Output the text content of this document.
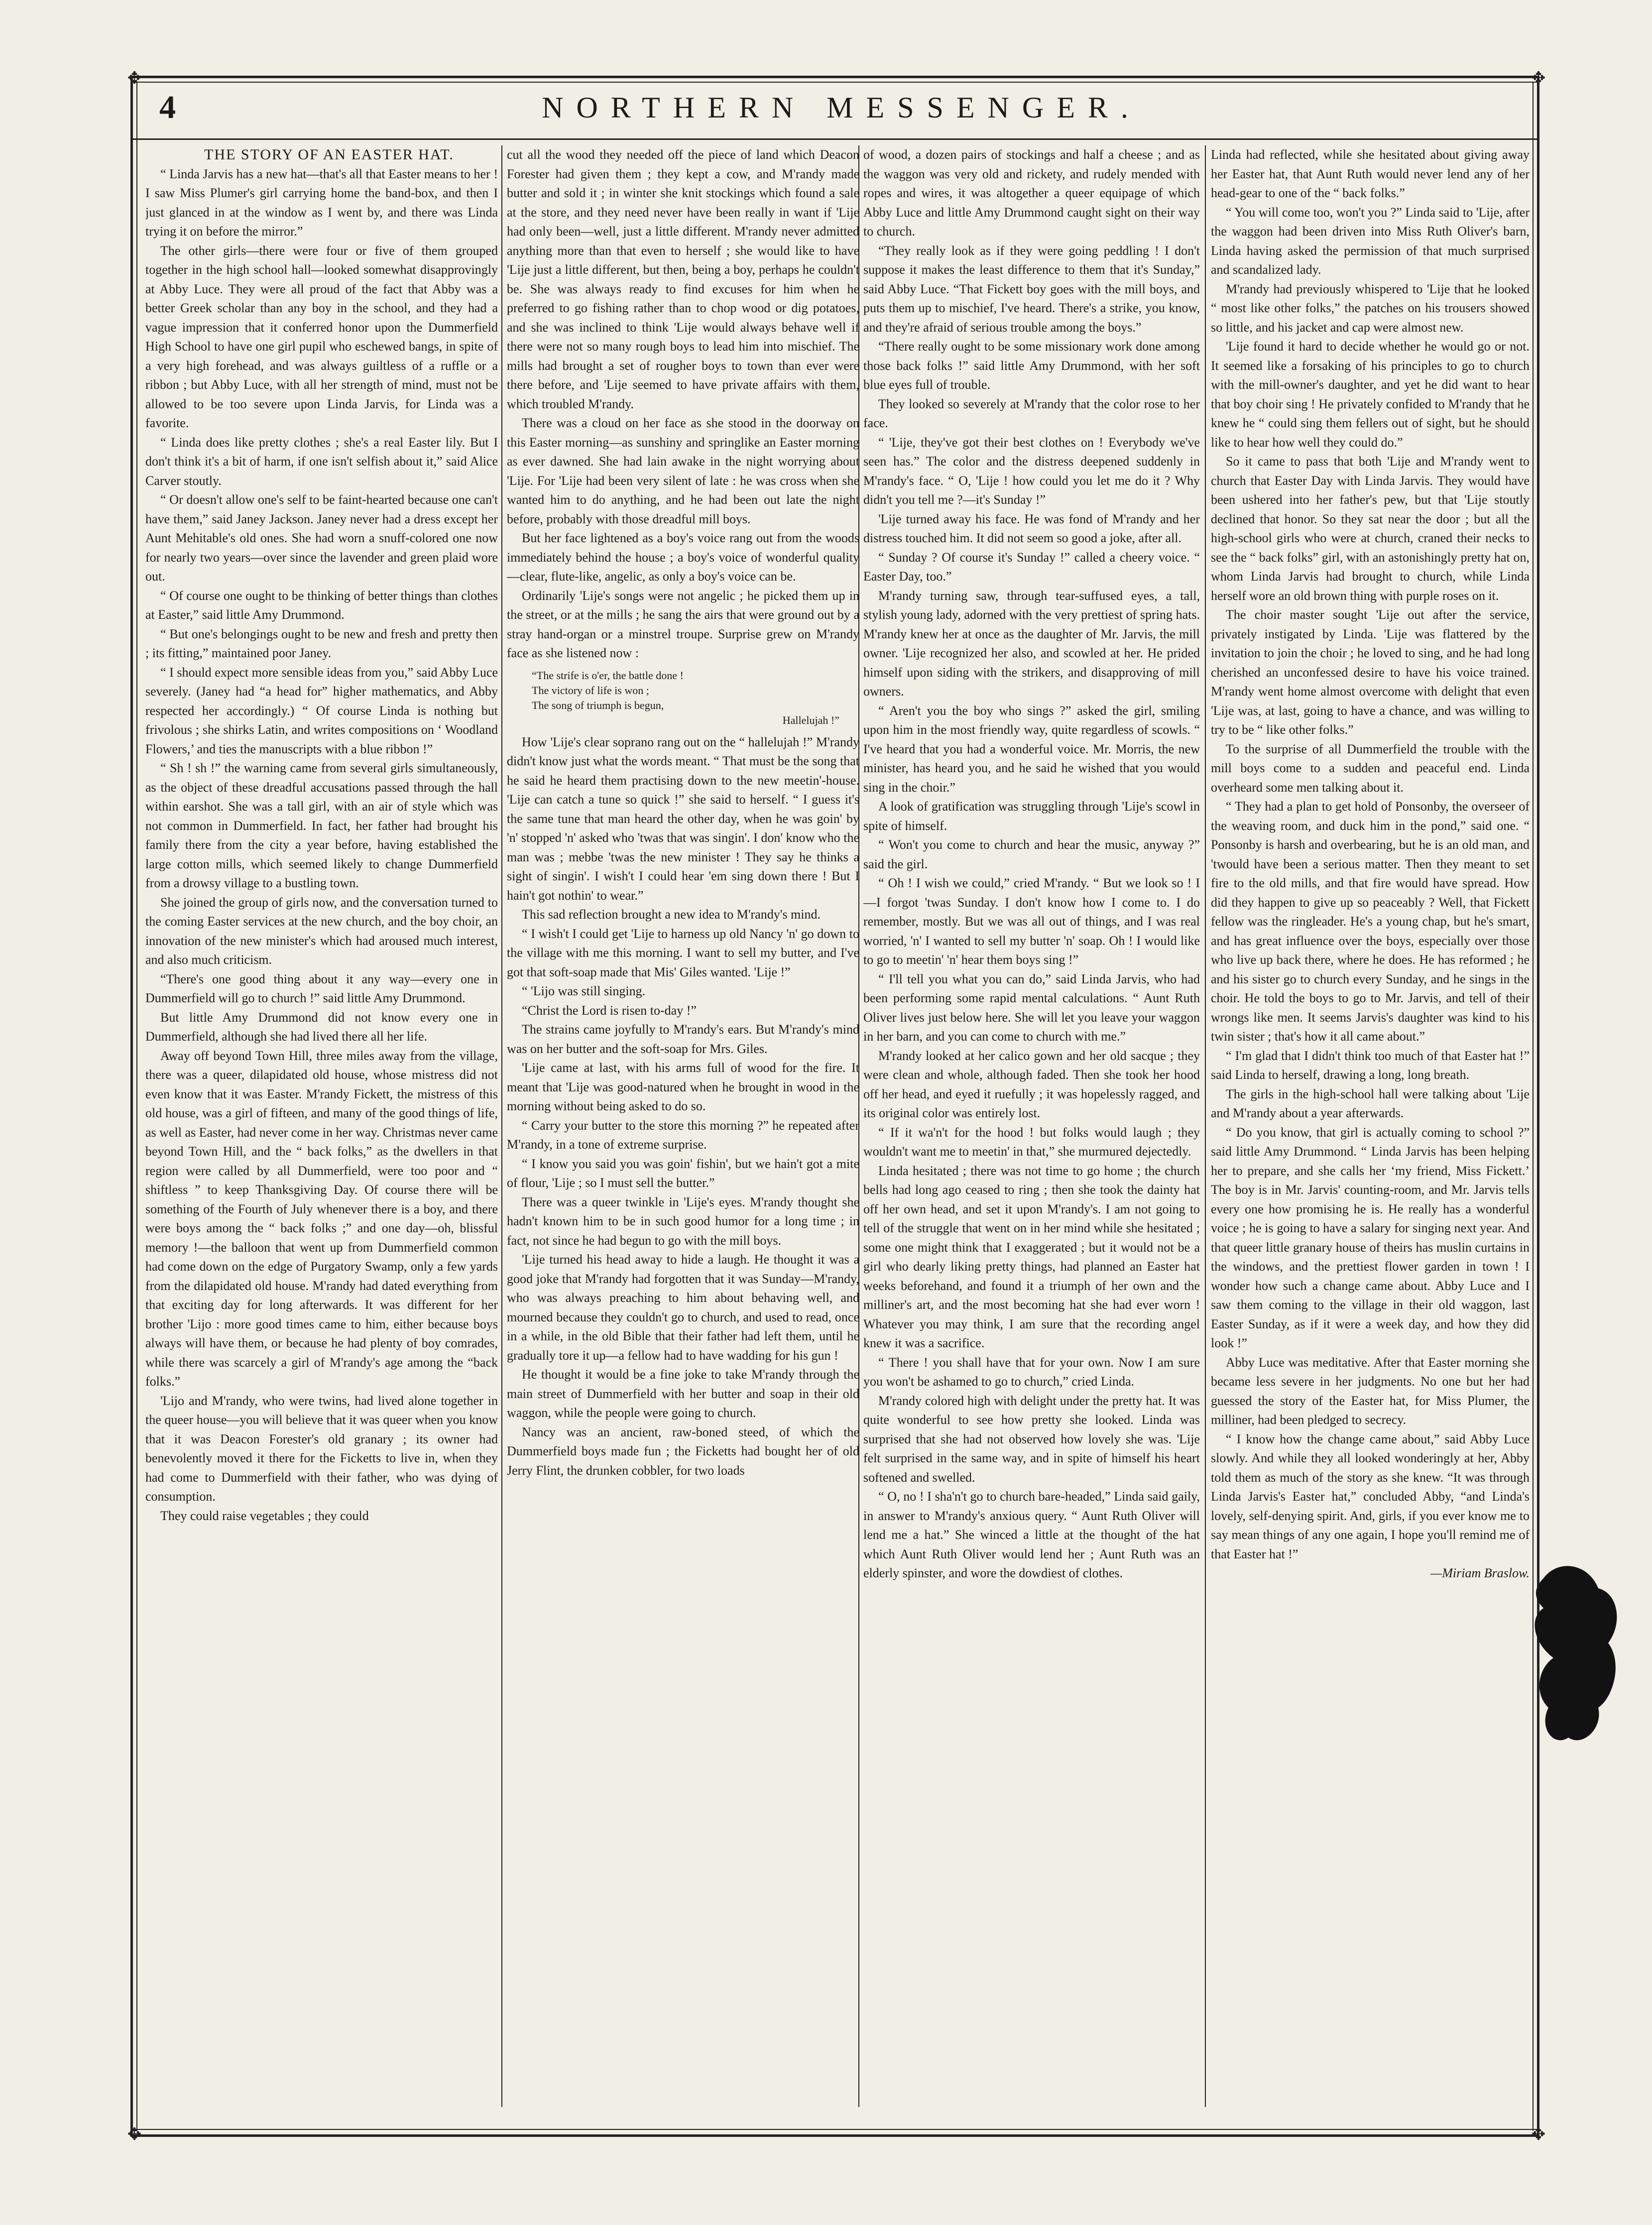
✥	✥
✥	✥
4	NORTHERN MESSENGER.

THE STORY OF AN EASTER HAT.

“ Linda Jarvis has a new hat—that's all that Easter means to her ! I saw Miss Plumer's girl carrying home the band-box, and then I just glanced in at the window as I went by, and there was Linda trying it on before the mirror.”

The other girls—there were four or five of them grouped together in the high school hall—looked somewhat disapprovingly at Abby Luce. They were all proud of the fact that Abby was a better Greek scholar than any boy in the school, and they had a vague impression that it conferred honor upon the Dummerfield High School to have one girl pupil who eschewed bangs, in spite of a very high forehead, and was always guiltless of a ruffle or a ribbon ; but Abby Luce, with all her strength of mind, must not be allowed to be too severe upon Linda Jarvis, for Linda was a favorite.

“ Linda does like pretty clothes ; she's a real Easter lily. But I don't think it's a bit of harm, if one isn't selfish about it,” said Alice Carver stoutly.

“ Or doesn't allow one's self to be faint-hearted because one can't have them,” said Janey Jackson. Janey never had a dress except her Aunt Mehitable's old ones. She had worn a snuff-colored one now for nearly two years—over since the lavender and green plaid wore out.

“ Of course one ought to be thinking of better things than clothes at Easter,” said little Amy Drummond.

“ But one's belongings ought to be new and fresh and pretty then ; its fitting,” maintained poor Janey.

“ I should expect more sensible ideas from you,” said Abby Luce severely. (Janey had “a head for” higher mathematics, and Abby respected her accordingly.) “ Of course Linda is nothing but frivolous ; she shirks Latin, and writes compositions on ‘ Woodland Flowers,’ and ties the manuscripts with a blue ribbon !”

“ Sh ! sh !” the warning came from several girls simultaneously, as the object of these dreadful accusations passed through the hall within earshot. She was a tall girl, with an air of style which was not common in Dummerfield. In fact, her father had brought his family there from the city a year before, having established the large cotton mills, which seemed likely to change Dummerfield from a drowsy village to a bustling town.

She joined the group of girls now, and the conversation turned to the coming Easter services at the new church, and the boy choir, an innovation of the new minister's which had aroused much interest, and also much criticism.

“There's one good thing about it any way—every one in Dummerfield will go to church !” said little Amy Drummond.

But little Amy Drummond did not know every one in Dummerfield, although she had lived there all her life.

Away off beyond Town Hill, three miles away from the village, there was a queer, dilapidated old house, whose mistress did not even know that it was Easter. M'randy Fickett, the mistress of this old house, was a girl of fifteen, and many of the good things of life, as well as Easter, had never come in her way. Christmas never came beyond Town Hill, and the “ back folks,” as the dwellers in that region were called by all Dummerfield, were too poor and “ shiftless ” to keep Thanksgiving Day. Of course there will be something of the Fourth of July whenever there is a boy, and there were boys among the “ back folks ;” and one day—oh, blissful memory !—the balloon that went up from Dummerfield common had come down on the edge of Purgatory Swamp, only a few yards from the dilapidated old house. M'randy had dated everything from that exciting day for long afterwards. It was different for her brother 'Lijo : more good times came to him, either because boys always will have them, or because he had plenty of boy comrades, while there was scarcely a girl of M'randy's age among the “back folks.”

'Lijo and M'randy, who were twins, had lived alone together in the queer house—you will believe that it was queer when you know that it was Deacon Forester's old granary ; its owner had benevolently moved it there for the Ficketts to live in, when they had come to Dummerfield with their father, who was dying of consumption.

They could raise vegetables ; they could

cut all the wood they needed off the piece of land which Deacon Forester had given them ; they kept a cow, and M'randy made butter and sold it ; in winter she knit stockings which found a sale at the store, and they need never have been really in want if 'Lije had only been—well, just a little different. M'randy never admitted anything more than that even to herself ; she would like to have 'Lije just a little different, but then, being a boy, perhaps he couldn't be. She was always ready to find excuses for him when he preferred to go fishing rather than to chop wood or dig potatoes, and she was inclined to think 'Lije would always behave well if there were not so many rough boys to lead him into mischief. The mills had brought a set of rougher boys to town than ever were there before, and 'Lije seemed to have private affairs with them, which troubled M'randy.

There was a cloud on her face as she stood in the doorway on this Easter morning—as sunshiny and springlike an Easter morning as ever dawned. She had lain awake in the night worrying about 'Lije. For 'Lije had been very silent of late : he was cross when she wanted him to do anything, and he had been out late the night before, probably with those dreadful mill boys.

But her face lightened as a boy's voice rang out from the woods immediately behind the house ; a boy's voice of wonderful quality—clear, flute-like, angelic, as only a boy's voice can be.

Ordinarily 'Lije's songs were not angelic ; he picked them up in the street, or at the mills ; he sang the airs that were ground out by a stray hand-organ or a minstrel troupe. Surprise grew on M'randy face as she listened now :

“The strife is o'er, the battle done !
The victory of life is won ;
The song of triumph is begun,
Hallelujah !”

How 'Lije's clear soprano rang out on the “ hallelujah !” M'randy didn't know just what the words meant. “ That must be the song that he said he heard them practising down to the new meetin'-house. 'Lije can catch a tune so quick !” she said to herself. “ I guess it's the same tune that man heard the other day, when he was goin' by 'n' stopped 'n' asked who 'twas that was singin'. I don' know who the man was ; mebbe 'twas the new minister ! They say he thinks a sight of singin'. I wish't I could hear 'em sing down there ! But I hain't got nothin' to wear.”

This sad reflection brought a new idea to M'randy's mind.

“ I wish't I could get 'Lije to harness up old Nancy 'n' go down to the village with me this morning. I want to sell my butter, and I've got that soft-soap made that Mis' Giles wanted. 'Lije !”

“ 'Lijo was still singing.

“Christ the Lord is risen to-day !”

The strains came joyfully to M'randy's ears. But M'randy's mind was on her butter and the soft-soap for Mrs. Giles.

'Lije came at last, with his arms full of wood for the fire. It meant that 'Lije was good-natured when he brought in wood in the morning without being asked to do so.

“ Carry your butter to the store this morning ?” he repeated after M'randy, in a tone of extreme surprise.

“ I know you said you was goin' fishin', but we hain't got a mite of flour, 'Lije ; so I must sell the butter.”

There was a queer twinkle in 'Lije's eyes. M'randy thought she hadn't known him to be in such good humor for a long time ; in fact, not since he had begun to go with the mill boys.

'Lije turned his head away to hide a laugh. He thought it was a good joke that M'randy had forgotten that it was Sunday—M'randy, who was always preaching to him about behaving well, and mourned because they couldn't go to church, and used to read, once in a while, in the old Bible that their father had left them, until he gradually tore it up—a fellow had to have wadding for his gun !

He thought it would be a fine joke to take M'randy through the main street of Dummerfield with her butter and soap in their old waggon, while the people were going to church.

Nancy was an ancient, raw-boned steed, of which the Dummerfield boys made fun ; the Ficketts had bought her of old Jerry Flint, the drunken cobbler, for two loads

of wood, a dozen pairs of stockings and half a cheese ; and as the waggon was very old and rickety, and rudely mended with ropes and wires, it was altogether a queer equipage of which Abby Luce and little Amy Drummond caught sight on their way to church.

“They really look as if they were going peddling ! I don't suppose it makes the least difference to them that it's Sunday,” said Abby Luce. “That Fickett boy goes with the mill boys, and puts them up to mischief, I've heard. There's a strike, you know, and they're afraid of serious trouble among the boys.”

“There really ought to be some missionary work done among those back folks !” said little Amy Drummond, with her soft blue eyes full of trouble.

They looked so severely at M'randy that the color rose to her face.

“ 'Lije, they've got their best clothes on ! Everybody we've seen has.” The color and the distress deepened suddenly in M'randy's face. “ O, 'Lije ! how could you let me do it ? Why didn't you tell me ?—it's Sunday !”

'Lije turned away his face. He was fond of M'randy and her distress touched him. It did not seem so good a joke, after all.

“ Sunday ? Of course it's Sunday !” called a cheery voice. “ Easter Day, too.”

M'randy turning saw, through tear-suffused eyes, a tall, stylish young lady, adorned with the very prettiest of spring hats. M'randy knew her at once as the daughter of Mr. Jarvis, the mill owner. 'Lije recognized her also, and scowled at her. He prided himself upon siding with the strikers, and disapproving of mill owners.

“ Aren't you the boy who sings ?” asked the girl, smiling upon him in the most friendly way, quite regardless of scowls. “ I've heard that you had a wonderful voice. Mr. Morris, the new minister, has heard you, and he said he wished that you would sing in the choir.”

A look of gratification was struggling through 'Lije's scowl in spite of himself.

“ Won't you come to church and hear the music, anyway ?” said the girl.

“ Oh ! I wish we could,” cried M'randy. “ But we look so ! I—I forgot 'twas Sunday. I don't know how I come to. I do remember, mostly. But we was all out of things, and I was real worried, 'n' I wanted to sell my butter 'n' soap. Oh ! I would like to go to meetin' 'n' hear them boys sing !”

“ I'll tell you what you can do,” said Linda Jarvis, who had been performing some rapid mental calculations. “ Aunt Ruth Oliver lives just below here. She will let you leave your waggon in her barn, and you can come to church with me.”

M'randy looked at her calico gown and her old sacque ; they were clean and whole, although faded. Then she took her hood off her head, and eyed it ruefully ; it was hopelessly ragged, and its original color was entirely lost.

“ If it wa'n't for the hood ! but folks would laugh ; they wouldn't want me to meetin' in that,” she murmured dejectedly.

Linda hesitated ; there was not time to go home ; the church bells had long ago ceased to ring ; then she took the dainty hat off her own head, and set it upon M'randy's. I am not going to tell of the struggle that went on in her mind while she hesitated ; some one might think that I exaggerated ; but it would not be a girl who dearly liking pretty things, had planned an Easter hat weeks beforehand, and found it a triumph of her own and the milliner's art, and the most becoming hat she had ever worn ! Whatever you may think, I am sure that the recording angel knew it was a sacrifice.

“ There ! you shall have that for your own. Now I am sure you won't be ashamed to go to church,” cried Linda.

M'randy colored high with delight under the pretty hat. It was quite wonderful to see how pretty she looked. Linda was surprised that she had not observed how lovely she was. 'Lije felt surprised in the same way, and in spite of himself his heart softened and swelled.

“ O, no ! I sha'n't go to church bare-headed,” Linda said gaily, in answer to M'randy's anxious query. “ Aunt Ruth Oliver will lend me a hat.” She winced a little at the thought of the hat which Aunt Ruth Oliver would lend her ; Aunt Ruth was an elderly spinster, and wore the dowdiest of clothes.

Linda had reflected, while she hesitated about giving away her Easter hat, that Aunt Ruth would never lend any of her head-gear to one of the “ back folks.”

“ You will come too, won't you ?” Linda said to 'Lije, after the waggon had been driven into Miss Ruth Oliver's barn, Linda having asked the permission of that much surprised and scandalized lady.

M'randy had previously whispered to 'Lije that he looked “ most like other folks,” the patches on his trousers showed so little, and his jacket and cap were almost new.

'Lije found it hard to decide whether he would go or not. It seemed like a forsaking of his principles to go to church with the mill-owner's daughter, and yet he did want to hear that boy choir sing ! He privately confided to M'randy that he knew he “ could sing them fellers out of sight, but he should like to hear how well they could do.”

So it came to pass that both 'Lije and M'randy went to church that Easter Day with Linda Jarvis. They would have been ushered into her father's pew, but that 'Lije stoutly declined that honor. So they sat near the door ; but all the high-school girls who were at church, craned their necks to see the “ back folks” girl, with an astonishingly pretty hat on, whom Linda Jarvis had brought to church, while Linda herself wore an old brown thing with purple roses on it.

The choir master sought 'Lije out after the service, privately instigated by Linda. 'Lije was flattered by the invitation to join the choir ; he loved to sing, and he had long cherished an unconfessed desire to have his voice trained. M'randy went home almost overcome with delight that even 'Lije was, at last, going to have a chance, and was willing to try to be “ like other folks.”

To the surprise of all Dummerfield the trouble with the mill boys come to a sudden and peaceful end. Linda overheard some men talking about it.

“ They had a plan to get hold of Ponsonby, the overseer of the weaving room, and duck him in the pond,” said one. “ Ponsonby is harsh and overbearing, but he is an old man, and 'twould have been a serious matter. Then they meant to set fire to the old mills, and that fire would have spread. How did they happen to give up so peaceably ? Well, that Fickett fellow was the ringleader. He's a young chap, but he's smart, and has great influence over the boys, especially over those who live up back there, where he does. He has reformed ; he and his sister go to church every Sunday, and he sings in the choir. He told the boys to go to Mr. Jarvis, and tell of their wrongs like men. It seems Jarvis's daughter was kind to his twin sister ; that's how it all came about.”

“ I'm glad that I didn't think too much of that Easter hat !” said Linda to herself, drawing a long, long breath.

The girls in the high-school hall were talking about 'Lije and M'randy about a year afterwards.

“ Do you know, that girl is actually coming to school ?” said little Amy Drummond. “ Linda Jarvis has been helping her to prepare, and she calls her ‘my friend, Miss Fickett.’ The boy is in Mr. Jarvis' counting-room, and Mr. Jarvis tells every one how promising he is. He really has a wonderful voice ; he is going to have a salary for singing next year. And that queer little granary house of theirs has muslin curtains in the windows, and the prettiest flower garden in town ! I wonder how such a change came about. Abby Luce and I saw them coming to the village in their old waggon, last Easter Sunday, as if it were a week day, and how they did look !”

Abby Luce was meditative. After that Easter morning she became less severe in her judgments. No one but her had guessed the story of the Easter hat, for Miss Plumer, the milliner, had been pledged to secrecy.

“ I know how the change came about,” said Abby Luce slowly. And while they all looked wonderingly at her, Abby told them as much of the story as she knew. “It was through Linda Jarvis's Easter hat,” concluded Abby, “and Linda's lovely, self-denying spirit. And, girls, if you ever know me to say mean things of any one again, I hope you'll remind me of that Easter hat !”

—Miriam Braslow.
